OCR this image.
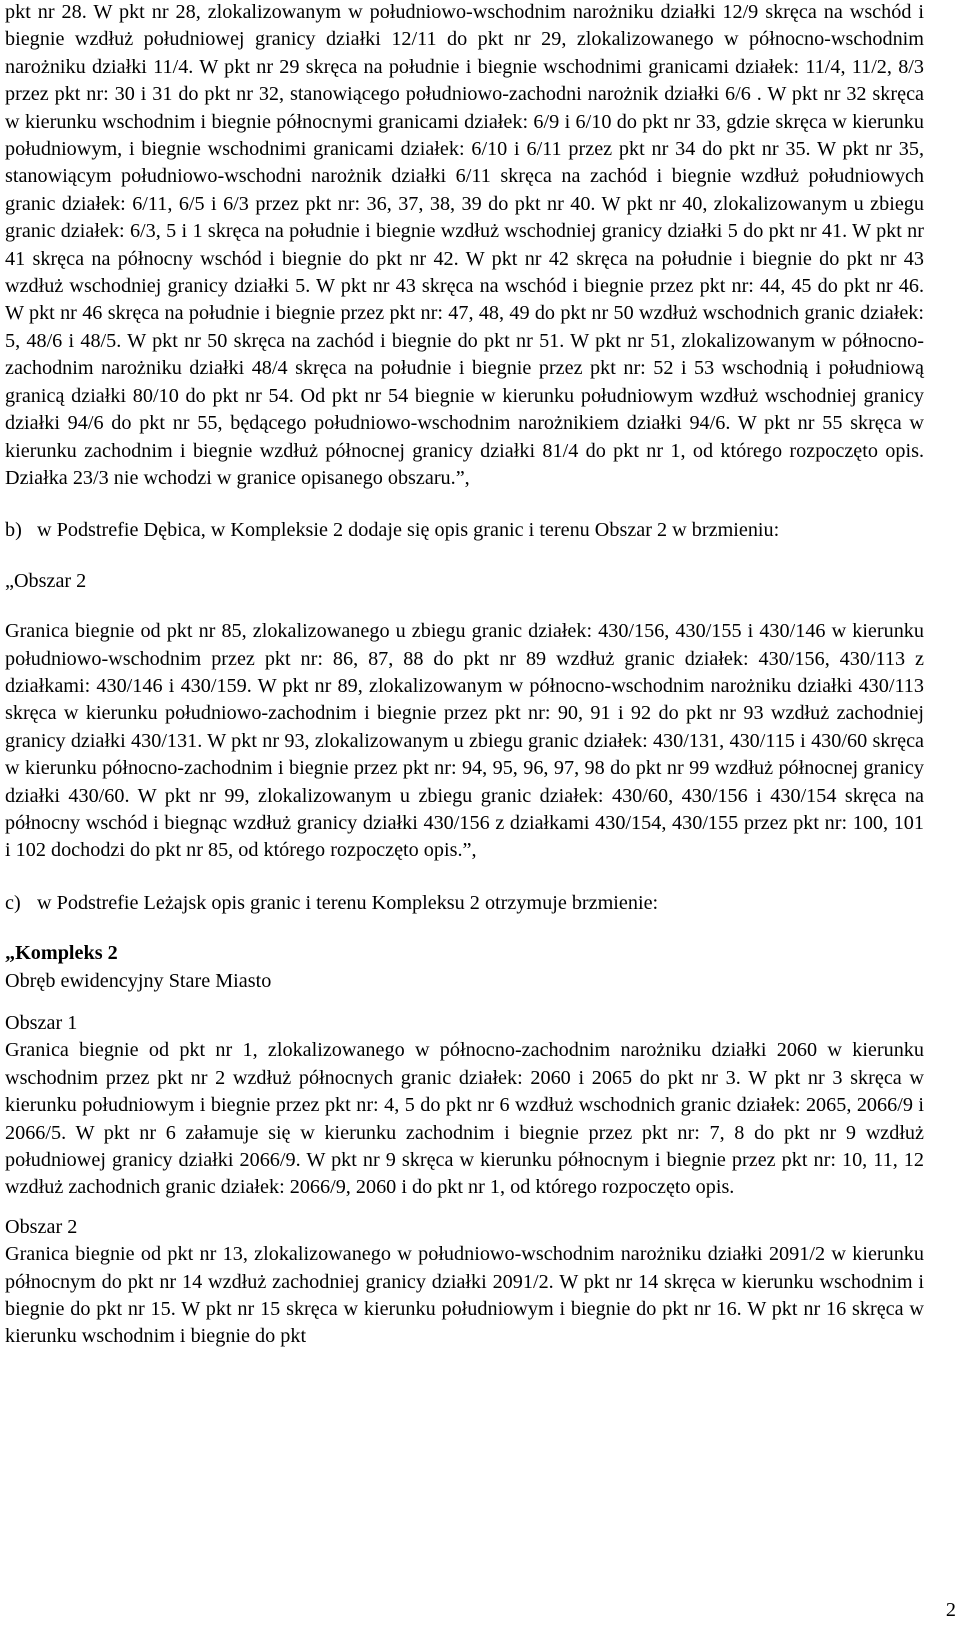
pkt nr 28. W pkt nr 28, zlokalizowanym w południowo-wschodnim narożniku działki 12/9 skręca na wschód i biegnie wzdłuż południowej granicy działki 12/11 do pkt nr 29, zlokalizowanego w północno-wschodnim narożniku działki 11/4. W pkt nr 29 skręca na południe i biegnie wschodnimi granicami działek: 11/4, 11/2, 8/3 przez pkt nr: 30 i 31 do pkt nr 32, stanowiącego południowo-zachodni narożnik działki 6/6 . W pkt nr 32 skręca w kierunku wschodnim i biegnie północnymi granicami działek: 6/9 i 6/10 do pkt nr 33, gdzie skręca w kierunku południowym, i biegnie wschodnimi granicami działek: 6/10 i 6/11 przez pkt nr 34 do pkt nr 35. W pkt nr 35, stanowiącym południowo-wschodni narożnik działki 6/11 skręca na zachód i biegnie wzdłuż południowych granic działek: 6/11, 6/5 i 6/3 przez pkt nr: 36, 37, 38, 39 do pkt nr 40. W pkt nr 40, zlokalizowanym u zbiegu granic działek: 6/3, 5 i 1 skręca na południe i biegnie wzdłuż wschodniej granicy działki 5 do pkt nr 41. W pkt nr 41 skręca na północny wschód i biegnie do pkt nr 42. W pkt nr 42 skręca na południe i biegnie do pkt nr 43 wzdłuż wschodniej granicy działki 5. W pkt nr 43 skręca na wschód i biegnie przez pkt nr: 44, 45 do pkt nr 46. W pkt nr 46 skręca na południe i biegnie przez pkt nr: 47, 48, 49 do pkt nr 50 wzdłuż wschodnich granic działek: 5, 48/6 i 48/5. W pkt nr 50 skręca na zachód i biegnie do pkt nr 51. W pkt nr 51, zlokalizowanym w północno-zachodnim narożniku działki 48/4 skręca na południe i biegnie przez pkt nr: 52 i 53 wschodnią i południową granicą działki 80/10 do pkt nr 54. Od pkt nr 54 biegnie w kierunku południowym wzdłuż wschodniej granicy działki 94/6 do pkt nr 55, będącego południowo-wschodnim narożnikiem działki 94/6. W pkt nr 55 skręca w kierunku zachodnim i biegnie wzdłuż północnej granicy działki 81/4 do pkt nr 1, od którego rozpoczęto opis. Działka 23/3 nie wchodzi w granice opisanego obszaru.”,

b) w Podstrefie Dębica, w Kompleksie 2 dodaje się opis granic i terenu Obszar 2 w brzmieniu:

„Obszar 2

Granica biegnie od pkt nr 85, zlokalizowanego u zbiegu granic działek: 430/156, 430/155 i 430/146 w kierunku południowo-wschodnim przez pkt nr: 86, 87, 88 do pkt nr 89 wzdłuż granic działek: 430/156, 430/113 z działkami: 430/146 i 430/159. W pkt nr 89, zlokalizowanym w północno-wschodnim narożniku działki 430/113 skręca w kierunku południowo-zachodnim i biegnie przez pkt nr: 90, 91 i 92 do pkt nr 93 wzdłuż zachodniej granicy działki 430/131. W pkt nr 93, zlokalizowanym u zbiegu granic działek: 430/131, 430/115 i 430/60 skręca w kierunku północno-zachodnim i biegnie przez pkt nr: 94, 95, 96, 97, 98 do pkt nr 99 wzdłuż północnej granicy działki 430/60. W pkt nr 99, zlokalizowanym u zbiegu granic działek: 430/60, 430/156 i 430/154 skręca na północny wschód i biegnąc wzdłuż granicy działki 430/156 z działkami 430/154, 430/155 przez pkt nr: 100, 101 i 102 dochodzi do pkt nr 85, od którego rozpoczęto opis.”,

c) w Podstrefie Leżajsk opis granic i terenu Kompleksu 2 otrzymuje brzmienie:

„Kompleks 2

Obręb ewidencyjny Stare Miasto

Obszar 1

Granica biegnie od pkt nr 1, zlokalizowanego w północno-zachodnim narożniku działki 2060 w kierunku wschodnim przez pkt nr 2 wzdłuż północnych granic działek: 2060 i 2065 do pkt nr 3. W pkt nr 3 skręca w kierunku południowym i biegnie przez pkt nr: 4, 5 do pkt nr 6 wzdłuż wschodnich granic działek: 2065, 2066/9 i 2066/5. W pkt nr 6 załamuje się w kierunku zachodnim i biegnie przez pkt nr: 7, 8 do pkt nr 9 wzdłuż południowej granicy działki 2066/9. W pkt nr 9 skręca w kierunku północnym i biegnie przez pkt nr: 10, 11, 12 wzdłuż zachodnich granic działek: 2066/9, 2060 i do pkt nr 1, od którego rozpoczęto opis.

Obszar 2

Granica biegnie od pkt nr 13, zlokalizowanego w południowo-wschodnim narożniku działki 2091/2 w kierunku północnym do pkt nr 14 wzdłuż zachodniej granicy działki 2091/2. W pkt nr 14 skręca w kierunku wschodnim i biegnie do pkt nr 15. W pkt nr 15 skręca w kierunku południowym i biegnie do pkt nr 16. W pkt nr 16 skręca w kierunku wschodnim i biegnie do pkt

2
